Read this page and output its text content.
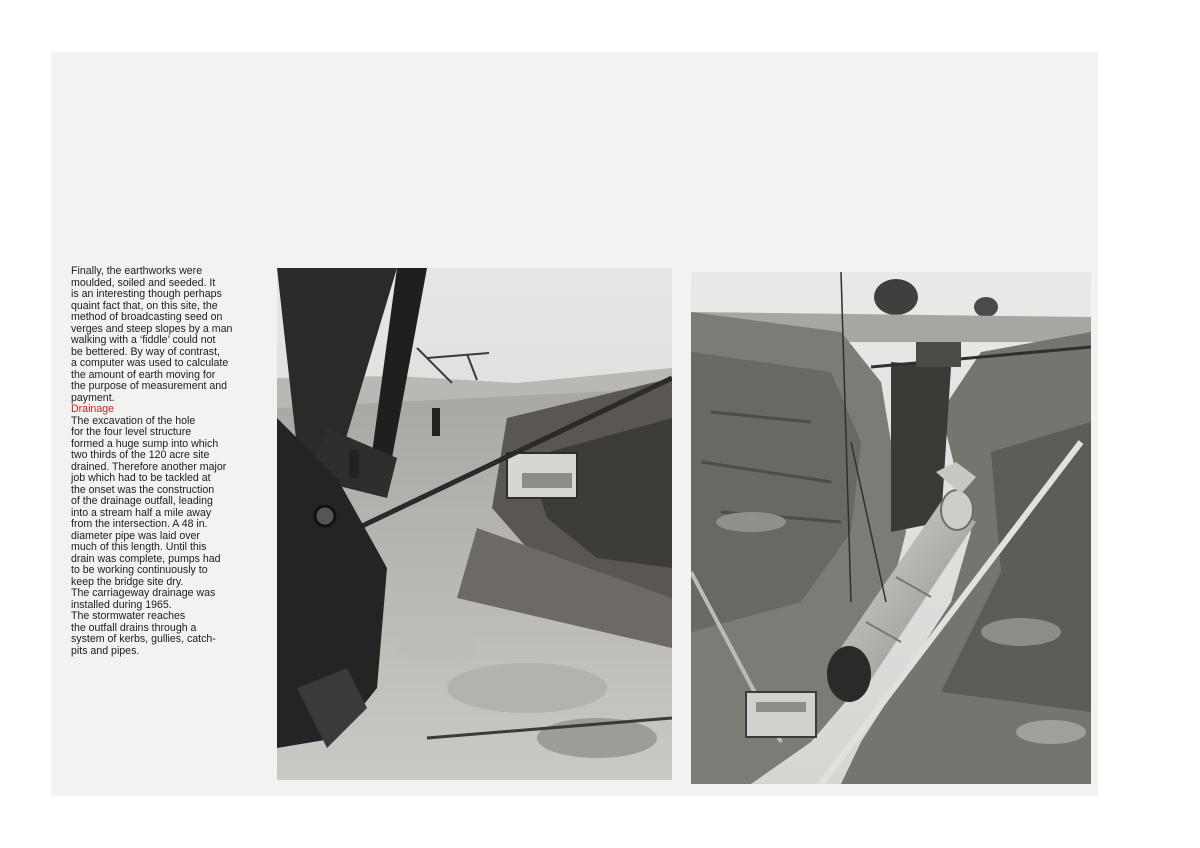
Finally, the earthworks were
moulded, soiled and seeded. It
is an interesting though perhaps
quaint fact that, on this site, the
method of broadcasting seed on
verges and steep slopes by a man
walking with a ‘fiddle’ could not
be bettered. By way of contrast,
a computer was used to calculate
the amount of earth moving for
the purpose of measurement and
payment.

Drainage

The excavation of the hole
for the four level structure
formed a huge sump into which
two thirds of the 120 acre site
drained. Therefore another major
job which had to be tackled at
the onset was the construction
of the drainage outfall, leading
into a stream half a mile away
from the intersection. A 48 in.
diameter pipe was laid over
much of this length. Until this
drain was complete, pumps had
to be working continuously to
keep the bridge site dry.
The carriageway drainage was
installed during 1965.
The stormwater reaches
the outfall drains through a
system of kerbs, gullies, catch-
pits and pipes.
